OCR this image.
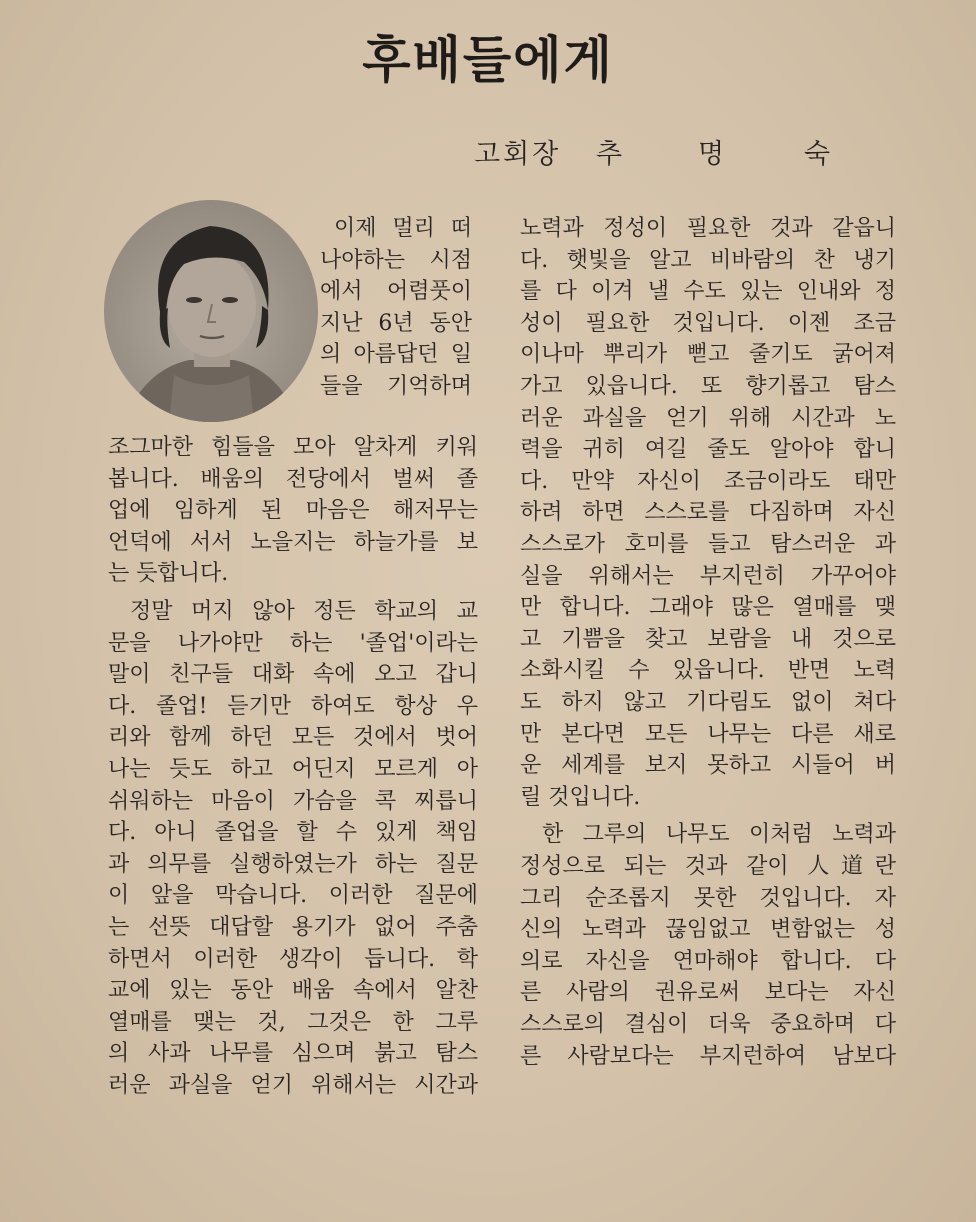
후배들에게
고회장 추	명	숙
이제 멀리 떠
나야하는 시점
에서 어렴풋이
지난 6년 동안
의 아름답던 일
들을 기억하며
조그마한 힘들을 모아 알차게 키워
봅니다. 배움의 전당에서 벌써 졸
업에 임하게 된 마음은 해저무는
언덕에 서서 노을지는 하늘가를 보
는 듯합니다.
정말 머지 않아 정든 학교의 교
문을 나가야만 하는 '졸업'이라는
말이 친구들 대화 속에 오고 갑니
다. 졸업! 듣기만 하여도 항상 우
리와 함께 하던 모든 것에서 벗어
나는 듯도 하고 어딘지 모르게 아
쉬워하는 마음이 가슴을 콕 찌릅니
다. 아니 졸업을 할 수 있게 책임
과 의무를 실행하였는가 하는 질문
이 앞을 막습니다. 이러한 질문에
는 선뜻 대답할 용기가 없어 주춤
하면서 이러한 생각이 듭니다. 학
교에 있는 동안 배움 속에서 알찬
열매를 맺는 것, 그것은 한 그루
의 사과 나무를 심으며 붉고 탐스
러운 과실을 얻기 위해서는 시간과
노력과 정성이 필요한 것과 같읍니
다. 햇빛을 알고 비바람의 찬 냉기
를 다 이겨 낼 수도 있는 인내와 정
성이 필요한 것입니다. 이젠 조금
이나마 뿌리가 뻗고 줄기도 굵어져
가고 있읍니다. 또 향기롭고 탐스
러운 과실을 얻기 위해 시간과 노
력을 귀히 여길 줄도 알아야 합니
다. 만약 자신이 조금이라도 태만
하려 하면 스스로를 다짐하며 자신
스스로가 호미를 들고 탐스러운 과
실을 위해서는 부지런히 가꾸어야
만 합니다. 그래야 많은 열매를 맺
고 기쁨을 찾고 보람을 내 것으로
소화시킬 수 있읍니다. 반면 노력
도 하지 않고 기다림도 없이 쳐다
만 본다면 모든 나무는 다른 새로
운 세계를 보지 못하고 시들어 버
릴 것입니다.
한 그루의 나무도 이처럼 노력과
정성으로 되는 것과 같이 人道란
그리 순조롭지 못한 것입니다. 자
신의 노력과 끊임없고 변함없는 성
의로 자신을 연마해야 합니다. 다
른 사람의 권유로써 보다는 자신
스스로의 결심이 더욱 중요하며 다
른 사람보다는 부지런하여 남보다
